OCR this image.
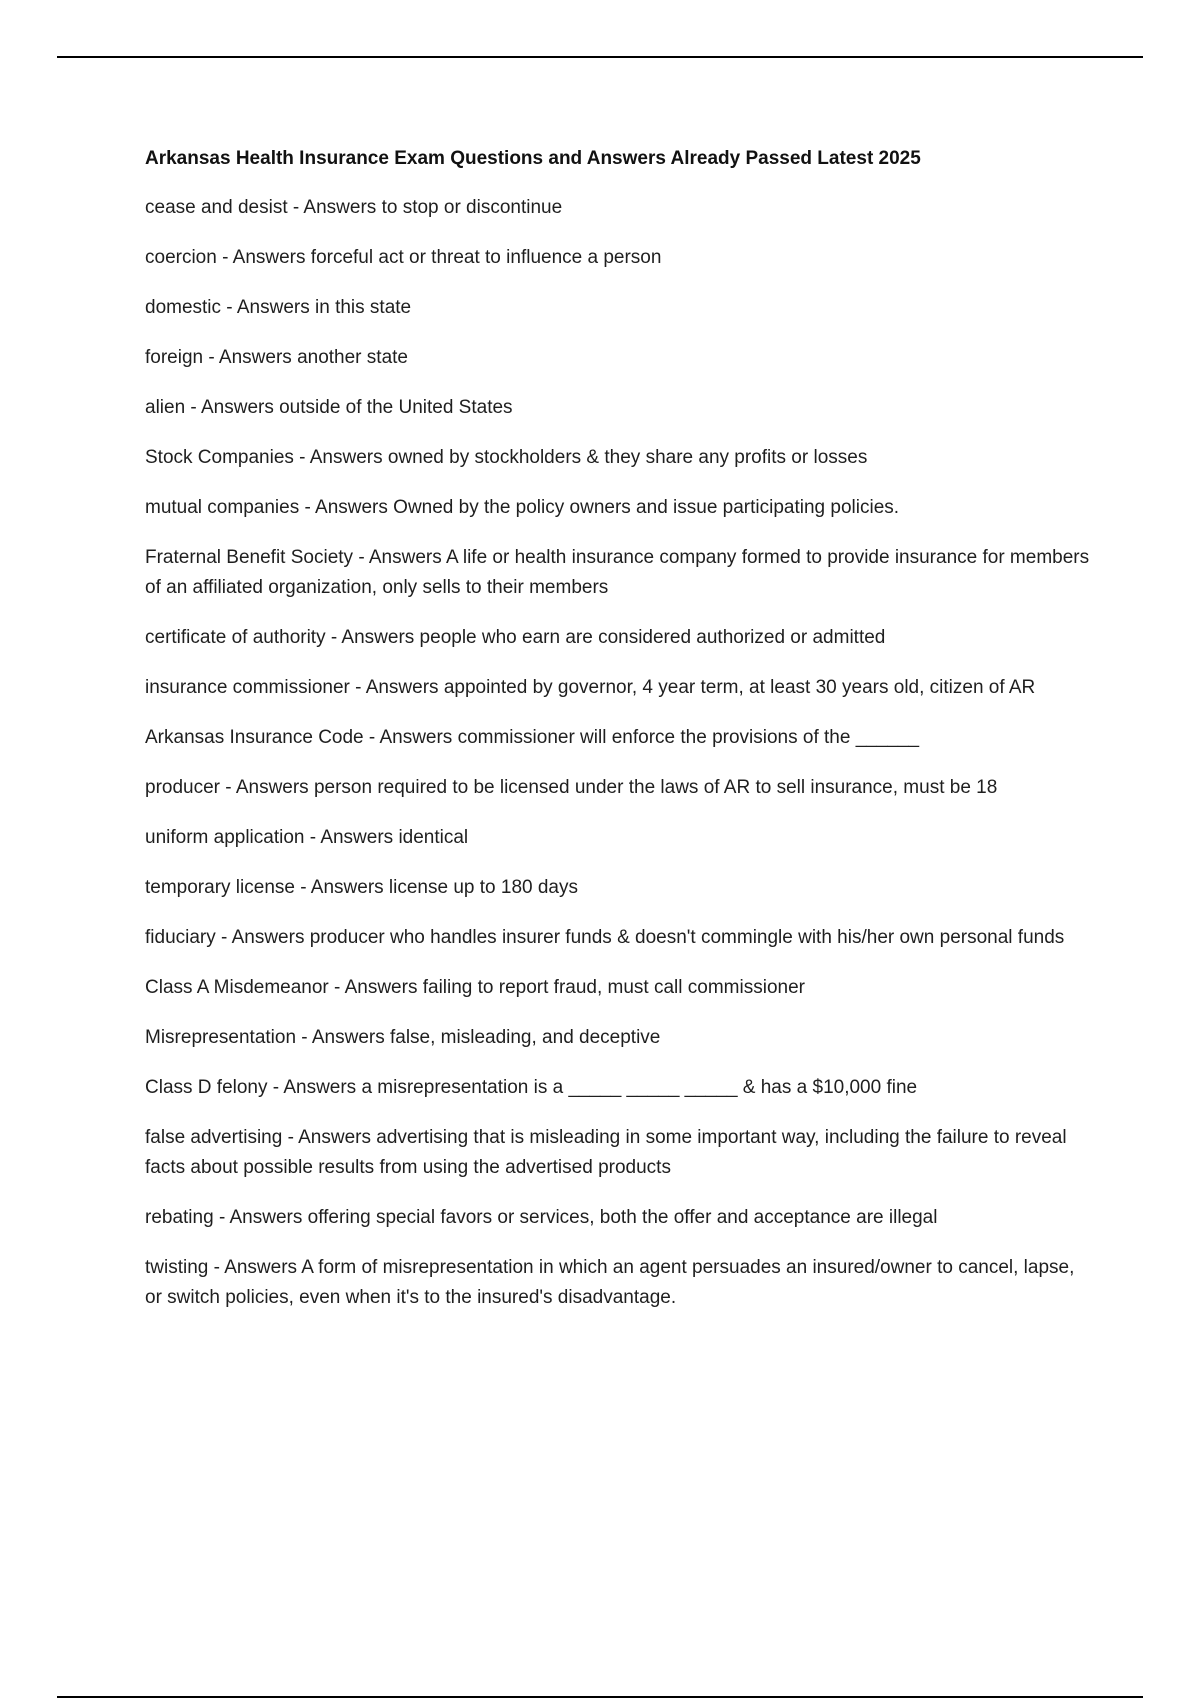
Arkansas Health Insurance Exam Questions and Answers Already Passed Latest 2025

cease and desist - Answers to stop or discontinue

coercion - Answers forceful act or threat to influence a person

domestic - Answers in this state

foreign - Answers another state

alien - Answers outside of the United States

Stock Companies - Answers owned by stockholders & they share any profits or losses

mutual companies - Answers Owned by the policy owners and issue participating policies.

Fraternal Benefit Society - Answers A life or health insurance company formed to provide insurance for members of an affiliated organization, only sells to their members

certificate of authority - Answers people who earn are considered authorized or admitted

insurance commissioner - Answers appointed by governor, 4 year term, at least 30 years old, citizen of AR

Arkansas Insurance Code - Answers commissioner will enforce the provisions of the ______

producer - Answers person required to be licensed under the laws of AR to sell insurance, must be 18

uniform application - Answers identical

temporary license - Answers license up to 180 days

fiduciary - Answers producer who handles insurer funds & doesn't commingle with his/her own personal funds

Class A Misdemeanor - Answers failing to report fraud, must call commissioner

Misrepresentation - Answers false, misleading, and deceptive

Class D felony - Answers a misrepresentation is a _____ _____ _____ & has a $10,000 fine

false advertising - Answers advertising that is misleading in some important way, including the failure to reveal facts about possible results from using the advertised products

rebating - Answers offering special favors or services, both the offer and acceptance are illegal

twisting - Answers A form of misrepresentation in which an agent persuades an insured/owner to cancel, lapse, or switch policies, even when it's to the insured's disadvantage.
